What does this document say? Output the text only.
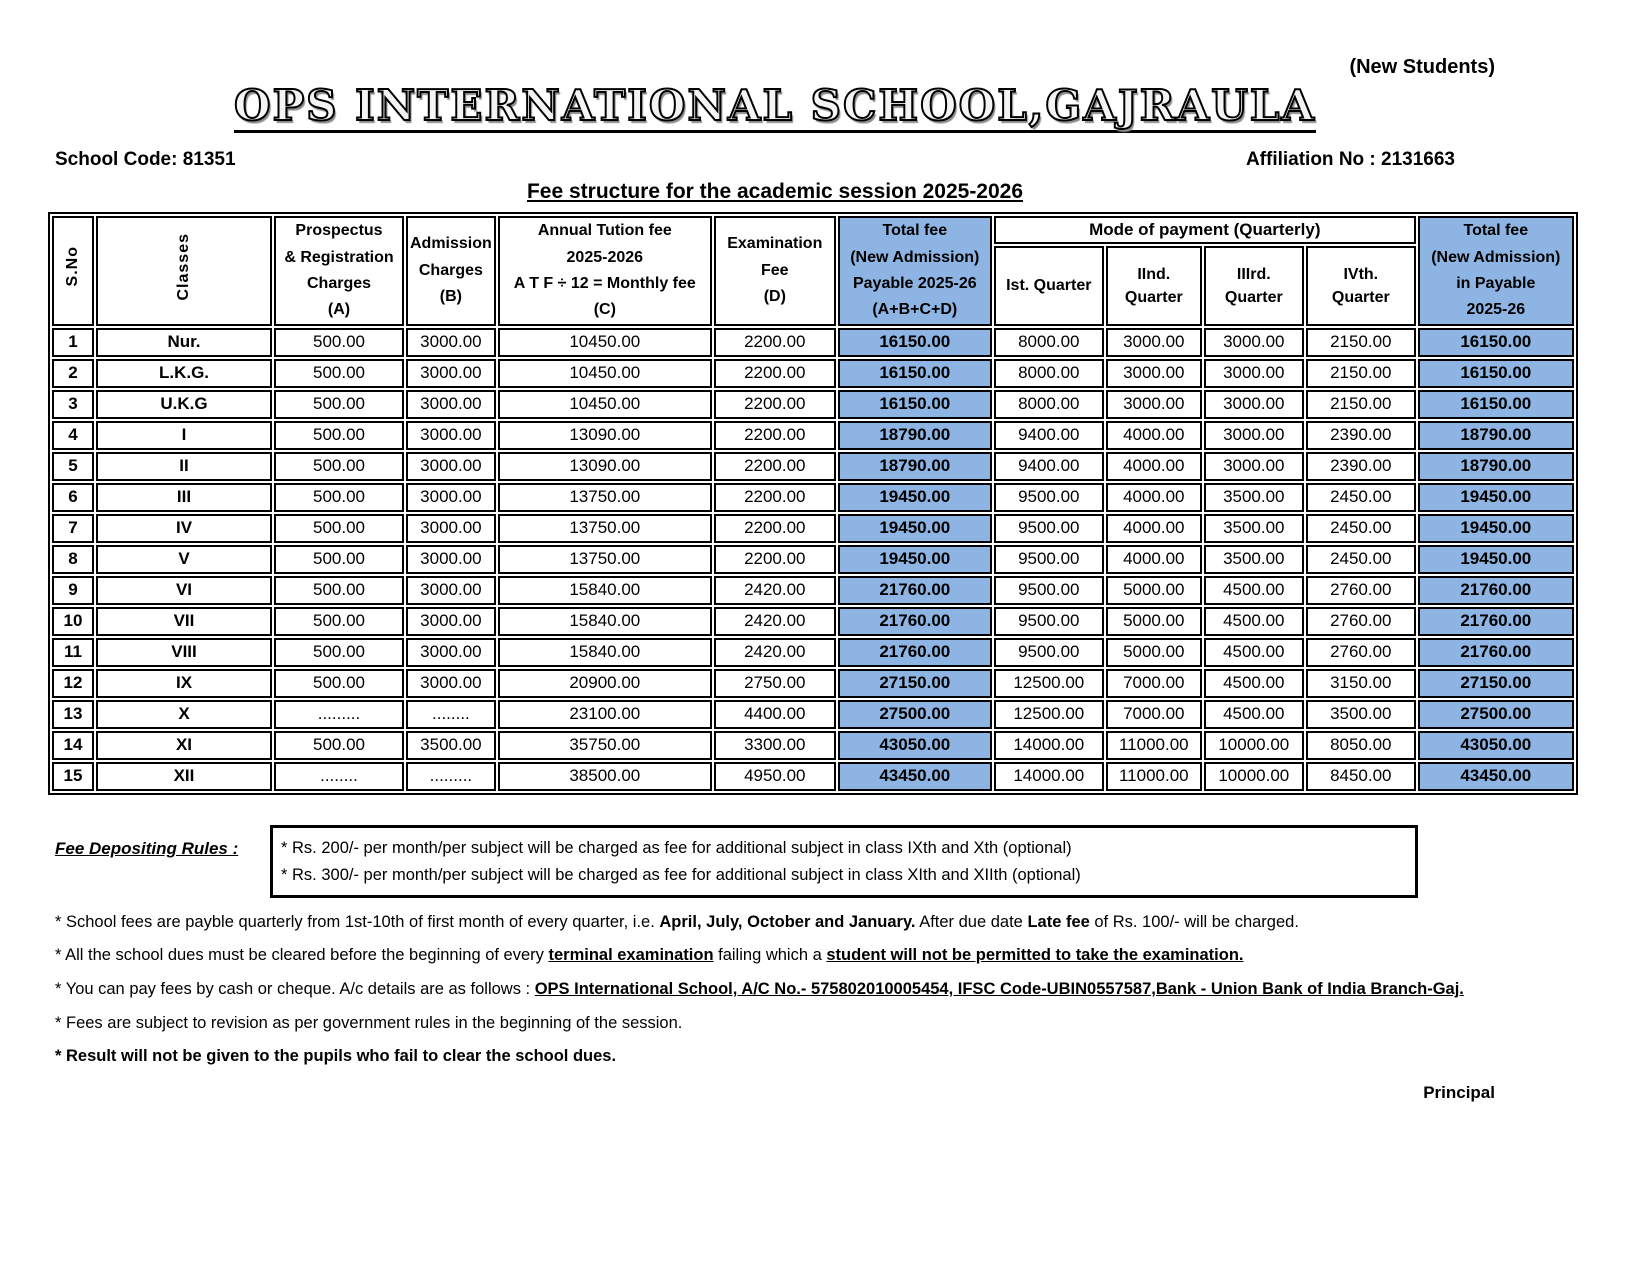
(New Students)
OPS INTERNATIONAL SCHOOL,GAJRAULA
School Code: 81351	Affiliation No : 2131663
Fee structure for the academic session 2025-2026
S.No	Classes	Prospectus
& Registration
Charges
(A)	Admission
Charges
(B)	Annual Tution fee
2025-2026
A T F ÷ 12 = Monthly fee
(C)	Examination
Fee
(D)	Total fee
(New Admission)
Payable 2025-26
(A+B+C+D)	Mode of payment (Quarterly)				Total fee
(New Admission)
in Payable
2025-26
							Ist. Quarter	IInd.
Quarter	IIIrd.
Quarter	IVth.
Quarter	
1	Nur.	500.00	3000.00	10450.00	2200.00	16150.00	8000.00	3000.00	3000.00	2150.00	16150.00
2	L.K.G.	500.00	3000.00	10450.00	2200.00	16150.00	8000.00	3000.00	3000.00	2150.00	16150.00
3	U.K.G	500.00	3000.00	10450.00	2200.00	16150.00	8000.00	3000.00	3000.00	2150.00	16150.00
4	I	500.00	3000.00	13090.00	2200.00	18790.00	9400.00	4000.00	3000.00	2390.00	18790.00
5	II	500.00	3000.00	13090.00	2200.00	18790.00	9400.00	4000.00	3000.00	2390.00	18790.00
6	III	500.00	3000.00	13750.00	2200.00	19450.00	9500.00	4000.00	3500.00	2450.00	19450.00
7	IV	500.00	3000.00	13750.00	2200.00	19450.00	9500.00	4000.00	3500.00	2450.00	19450.00
8	V	500.00	3000.00	13750.00	2200.00	19450.00	9500.00	4000.00	3500.00	2450.00	19450.00
9	VI	500.00	3000.00	15840.00	2420.00	21760.00	9500.00	5000.00	4500.00	2760.00	21760.00
10	VII	500.00	3000.00	15840.00	2420.00	21760.00	9500.00	5000.00	4500.00	2760.00	21760.00
11	VIII	500.00	3000.00	15840.00	2420.00	21760.00	9500.00	5000.00	4500.00	2760.00	21760.00
12	IX	500.00	3000.00	20900.00	2750.00	27150.00	12500.00	7000.00	4500.00	3150.00	27150.00
13	X	.........	........	23100.00	4400.00	27500.00	12500.00	7000.00	4500.00	3500.00	27500.00
14	XI	500.00	3500.00	35750.00	3300.00	43050.00	14000.00	11000.00	10000.00	8050.00	43050.00
15	XII	........	.........	38500.00	4950.00	43450.00	14000.00	11000.00	10000.00	8450.00	43450.00
Fee Depositing Rules :	* Rs. 200/- per month/per subject will be charged as fee for additional subject in class IXth and Xth (optional)
* Rs. 300/- per month/per subject will be charged as fee for additional subject in class XIth and XIIth (optional)
* School fees are payble quarterly from 1st-10th of first month of every quarter, i.e. April, July, October and January. After due date Late fee of Rs. 100/- will be charged.
* All the school dues must be cleared before the beginning of every terminal examination failing which a student will not be permitted to take the examination.
* You can pay fees by cash or cheque. A/c details are as follows : OPS International School, A/C No.- 575802010005454, IFSC Code-UBIN0557587,Bank - Union Bank of India Branch-Gaj.
* Fees are subject to revision as per government rules in the beginning of the session.
* Result will not be given to the pupils who fail to clear the school dues.
Principal
